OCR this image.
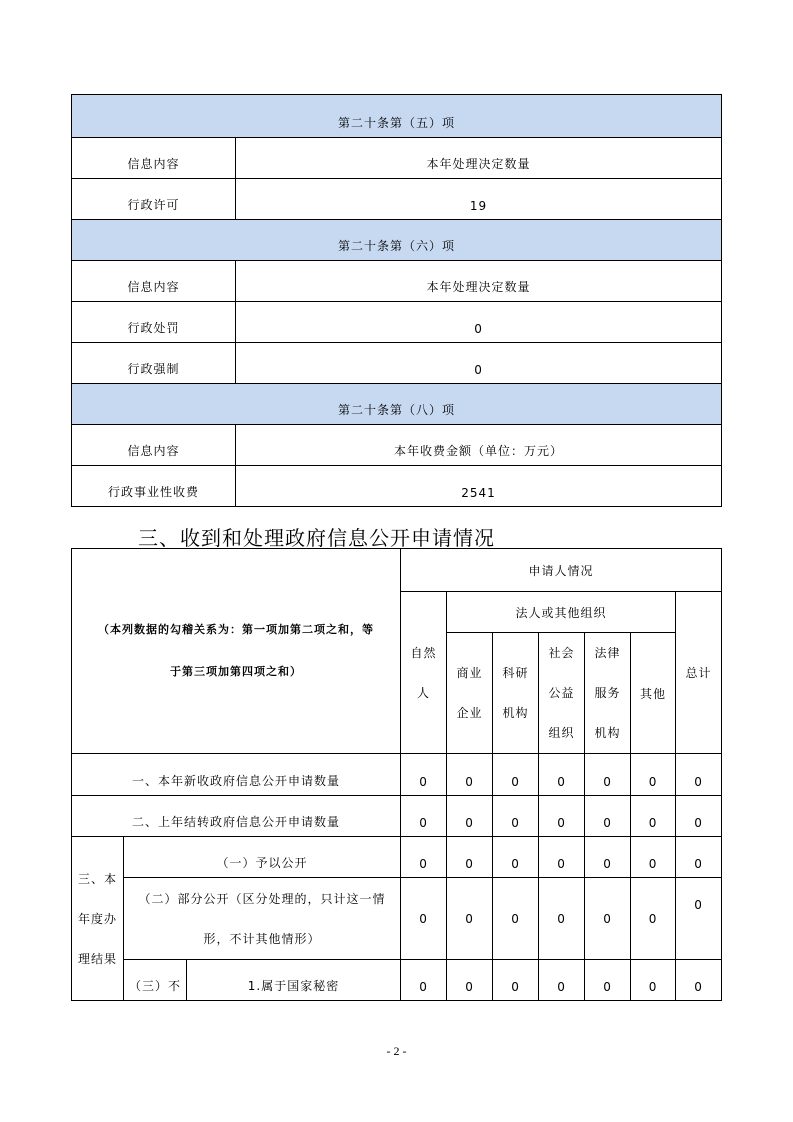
第二十条第（五）项	
信息内容	本年处理决定数量
行政许可	19
第二十条第（六）项	
信息内容	本年处理决定数量
行政处罚	0
行政强制	0
第二十条第（八）项	
信息内容	本年收费金额（单位：万元）
行政事业性收费	2541
三、收到和处理政府信息公开申请情况
（本列数据的勾稽关系为：第一项加第二项之和，等
于第三项加第四项之和）			申请人情况						

			自然人	法人或其他组织					总计

				商业企业	科研机构	社会公益组织	法律服务机构	其他	
一、本年新收政府信息公开申请数量			0	0	0	0	0	0	0
二、上年结转政府信息公开申请数量			0	0	0	0	0	0	0

三、本年度办理结果	（一）予以公开		0	0	0	0	0	0	0

	（二）部分公开（区分处理的，只计这一情形，不计其他情形）		0	0	0	0	0	0	0
	（三）不	1.属于国家秘密	0	0	0	0	0	0	0
- 2 -
